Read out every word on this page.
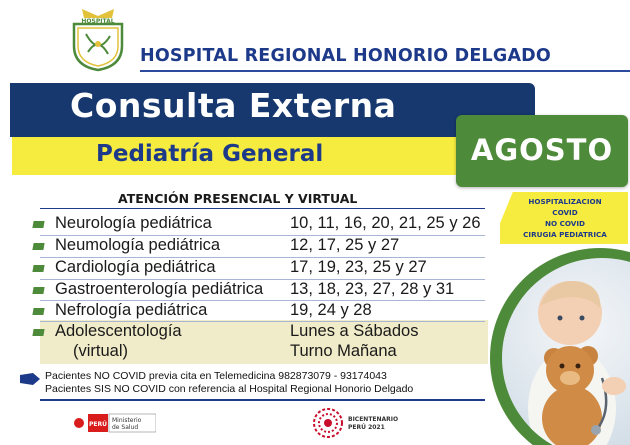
HOSPITAL
HOSPITAL REGIONAL HONORIO DELGADO
Consulta Externa
Pediatría General	AGOSTO
ATENCIÓN PRESENCIAL Y VIRTUAL
Neurología pediátrica	10, 11, 16, 20, 21, 25 y 26
Neumología pediátrica	12, 17, 25 y 27
Cardiología pediátrica	17, 19, 23, 25 y 27
Gastroenterología pediátrica 13, 18, 23, 27, 28 y 31
Nefrología pediátrica	19, 24 y 28
Adolescentología	Lunes a Sábados
(virtual)	Turno Mañana
Pacientes NO COVID previa cita en Telemedicina 982873079 - 93174043
Pacientes SIS NO COVID con referencia al Hospital Regional Honorio Delgado
PERÚ
Ministerio
de Salud
BICENTENARIO
PERÚ 2021
HOSPITALIZACION
COVID
NO COVID
CIRUGIA PEDIATRICA
